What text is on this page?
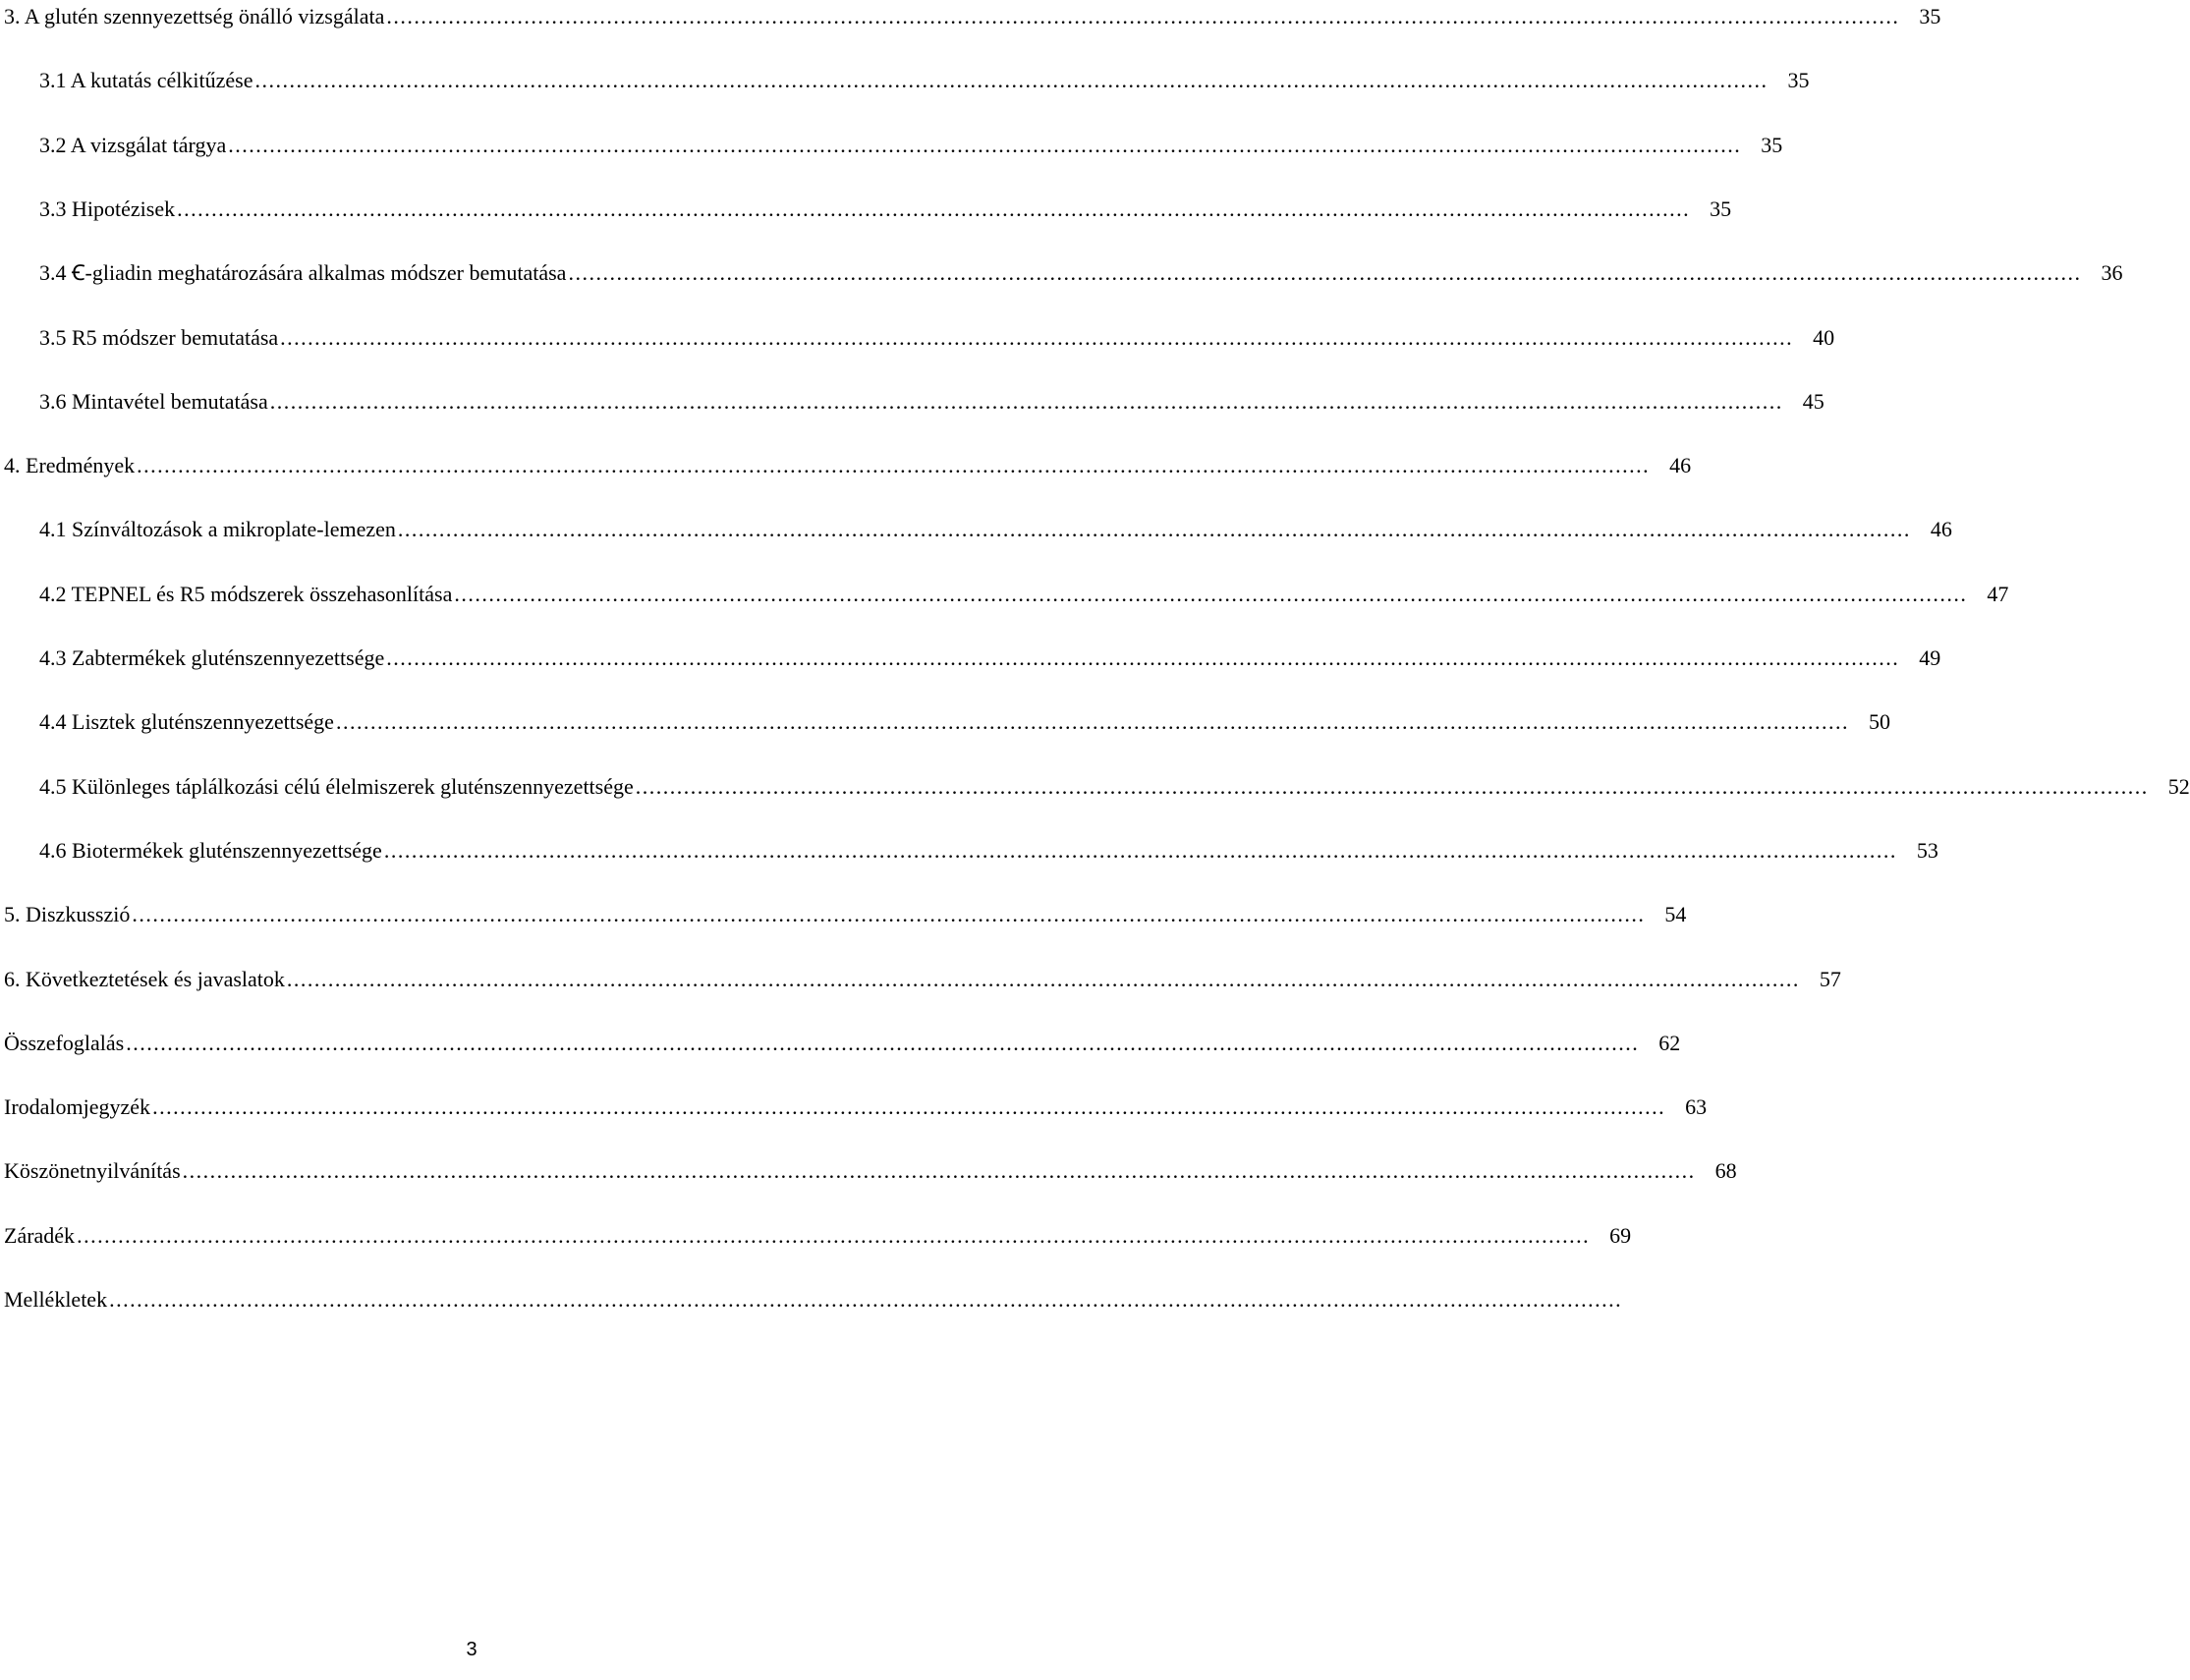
3. A glutén szennyezettség önálló vizsgálata ............................................................................................................................................................................................................................ 35
3.1 A kutatás célkitűzése ............................................................................................................................................................................................................................ 35
3.2 A vizsgálat tárgya ............................................................................................................................................................................................................................ 35
3.3 Hipotézisek ............................................................................................................................................................................................................................ 35
3.4 Ꞓ-gliadin meghatározására alkalmas módszer bemutatása ............................................................................................................................................................................................................................ 36
3.5 R5 módszer bemutatása ............................................................................................................................................................................................................................ 40
3.6 Mintavétel bemutatása ............................................................................................................................................................................................................................ 45
4. Eredmények ............................................................................................................................................................................................................................ 46
4.1 Színváltozások a mikroplate-lemezen ............................................................................................................................................................................................................................ 46
4.2 TEPNEL és R5 módszerek összehasonlítása ............................................................................................................................................................................................................................ 47
4.3 Zabtermékek gluténszennyezettsége ............................................................................................................................................................................................................................ 49
4.4 Lisztek gluténszennyezettsége ............................................................................................................................................................................................................................ 50
4.5 Különleges táplálkozási célú élelmiszerek gluténszennyezettsége ............................................................................................................................................................................................................................ 52
4.6 Biotermékek gluténszennyezettsége ............................................................................................................................................................................................................................ 53
5. Diszkusszió ............................................................................................................................................................................................................................ 54
6. Következtetések és javaslatok ............................................................................................................................................................................................................................ 57
Összefoglalás ............................................................................................................................................................................................................................ 62
Irodalomjegyzék ............................................................................................................................................................................................................................ 63
Köszönetnyilvánítás ............................................................................................................................................................................................................................ 68
Záradék ............................................................................................................................................................................................................................ 69
Mellékletek ............................................................................................................................................................................................................................
3
